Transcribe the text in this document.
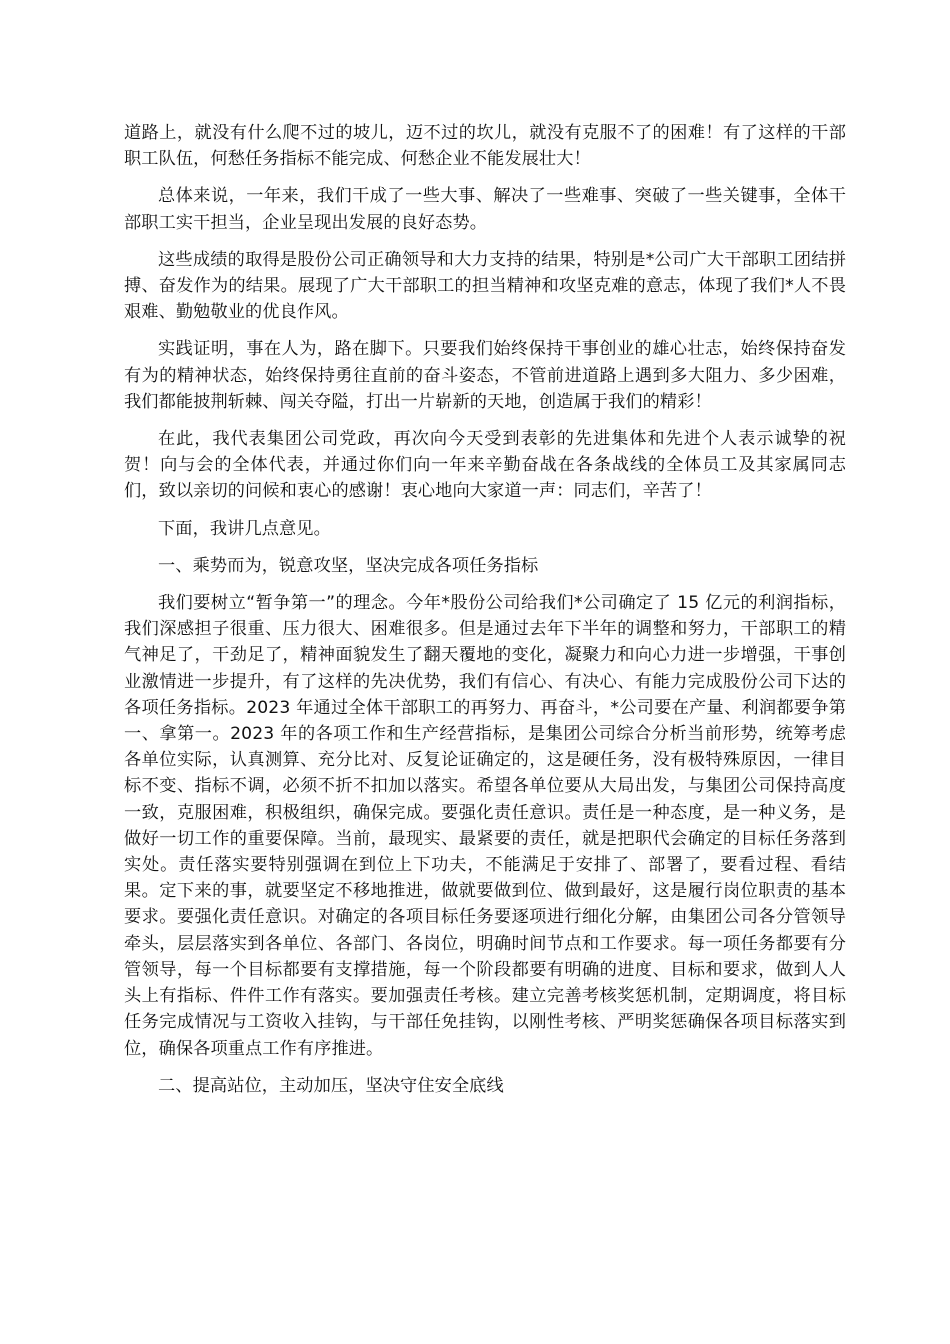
道路上，就没有什么爬不过的坡儿，迈不过的坎儿，就没有克服不了的困难！有了这样的干部职工队伍，何愁任务指标不能完成、何愁企业不能发展壮大！

总体来说，一年来，我们干成了一些大事、解决了一些难事、突破了一些关键事，全体干部职工实干担当，企业呈现出发展的良好态势。

这些成绩的取得是股份公司正确领导和大力支持的结果，特别是*公司广大干部职工团结拼搏、奋发作为的结果。展现了广大干部职工的担当精神和攻坚克难的意志，体现了我们*人不畏艰难、勤勉敬业的优良作风。

实践证明，事在人为，路在脚下。只要我们始终保持干事创业的雄心壮志，始终保持奋发有为的精神状态，始终保持勇往直前的奋斗姿态，不管前进道路上遇到多大阻力、多少困难，我们都能披荆斩棘、闯关夺隘，打出一片崭新的天地，创造属于我们的精彩！

在此，我代表集团公司党政，再次向今天受到表彰的先进集体和先进个人表示诚挚的祝贺！向与会的全体代表，并通过你们向一年来辛勤奋战在各条战线的全体员工及其家属同志们，致以亲切的问候和衷心的感谢！衷心地向大家道一声：同志们，辛苦了！

下面，我讲几点意见。

一、乘势而为，锐意攻坚，坚决完成各项任务指标

我们要树立“暂争第一”的理念。今年*股份公司给我们*公司确定了 15 亿元的利润指标，我们深感担子很重、压力很大、困难很多。但是通过去年下半年的调整和努力，干部职工的精气神足了，干劲足了，精神面貌发生了翻天覆地的变化，凝聚力和向心力进一步增强，干事创业激情进一步提升，有了这样的先决优势，我们有信心、有决心、有能力完成股份公司下达的各项任务指标。2023 年通过全体干部职工的再努力、再奋斗，*公司要在产量、利润都要争第一、拿第一。2023 年的各项工作和生产经营指标，是集团公司综合分析当前形势，统筹考虑各单位实际，认真测算、充分比对、反复论证确定的，这是硬任务，没有极特殊原因，一律目标不变、指标不调，必须不折不扣加以落实。希望各单位要从大局出发，与集团公司保持高度一致，克服困难，积极组织，确保完成。要强化责任意识。责任是一种态度，是一种义务，是做好一切工作的重要保障。当前，最现实、最紧要的责任，就是把职代会确定的目标任务落到实处。责任落实要特别强调在到位上下功夫，不能满足于安排了、部署了，要看过程、看结果。定下来的事，就要坚定不移地推进，做就要做到位、做到最好，这是履行岗位职责的基本要求。要强化责任意识。对确定的各项目标任务要逐项进行细化分解，由集团公司各分管领导牵头，层层落实到各单位、各部门、各岗位，明确时间节点和工作要求。每一项任务都要有分管领导，每一个目标都要有支撑措施，每一个阶段都要有明确的进度、目标和要求，做到人人头上有指标、件件工作有落实。要加强责任考核。建立完善考核奖惩机制，定期调度，将目标任务完成情况与工资收入挂钩，与干部任免挂钩，以刚性考核、严明奖惩确保各项目标落实到位，确保各项重点工作有序推进。

二、提高站位，主动加压，坚决守住安全底线
